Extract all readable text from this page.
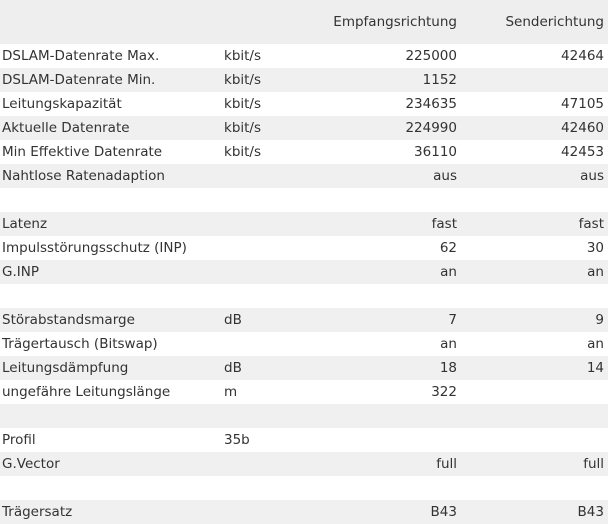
		Empfangsrichtung	Senderichtung
DSLAM-Datenrate Max.	kbit/s	225000	42464
DSLAM-Datenrate Min.	kbit/s	1152	
Leitungskapazität	kbit/s	234635	47105
Aktuelle Datenrate	kbit/s	224990	42460
Min Effektive Datenrate	kbit/s	36110	42453
Nahtlose Ratenadaption		aus	aus

Latenz		fast	fast
Impulsstörungsschutz (INP)		62	30
G.INP		an	an

Störabstandsmarge	dB	7	9
Trägertausch (Bitswap)		an	an
Leitungsdämpfung	dB	18	14
ungefähre Leitungslänge	m	322	

Profil	35b		
G.Vector		full	full

Trägersatz		B43	B43
